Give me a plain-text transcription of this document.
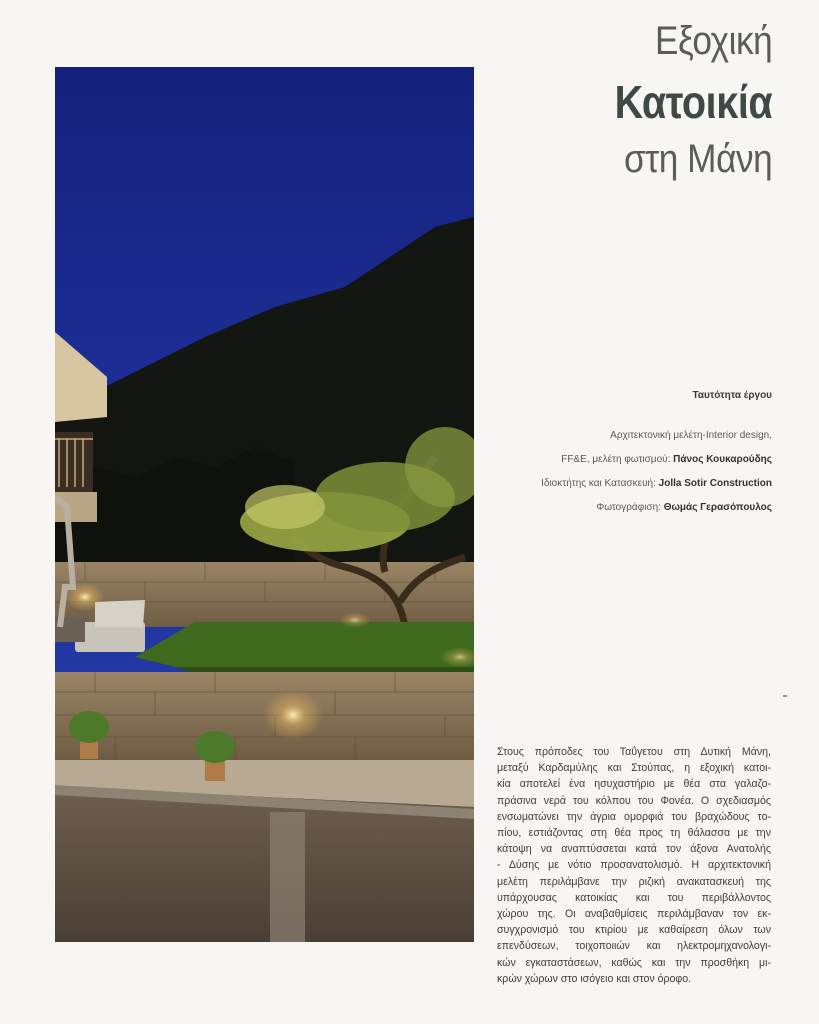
Εξοχική
Κατοικία
στη Μάνη
Ταυτότητα έργου
Αρχιτεκτονική μελέτη-Interior design,
FF&E, μελέτη φωτισμού: Πάνος Κουκαρούδης
Ιδιοκτήτης και Κατασκευή: Jolla Sotir Construction
Φωτογράφιση: Θωμάς Γερασόπουλος
Στους πρόποδες του Ταΰγετου στη Δυτική Μάνη,
μεταξύ Καρδαμύλης και Στούπας, η εξοχική κατοι-
κία αποτελεί ένα ησυχαστήριο με θέα στα γαλαζο-
πράσινα νερά του κόλπου του Φονέα. Ο σχεδιασμός
ενσωματώνει την άγρια ομορφιά του βραχώδους το-
πίου, εστιάζοντας στη θέα προς τη θάλασσα με την
κάτοψη να αναπτύσσεται κατά τον άξονα Ανατολής
- Δύσης με νότιο προσανατολισμό. Η αρχιτεκτονική
μελέτη περιλάμβανε την ριζική ανακατασκευή της
υπάρχουσας κατοικίας και του περιβάλλοντος
χώρου της. Οι αναβαθμίσεις περιλάμβαναν τον εκ-
συγχρονισμό του κτιρίου με καθαίρεση όλων των
επενδύσεων, τοιχοποιιών και ηλεκτρομηχανολογι-
κών εγκαταστάσεων, καθώς και την προσθήκη μι-
κρών χώρων στο ισόγειο και στον όροφο.
